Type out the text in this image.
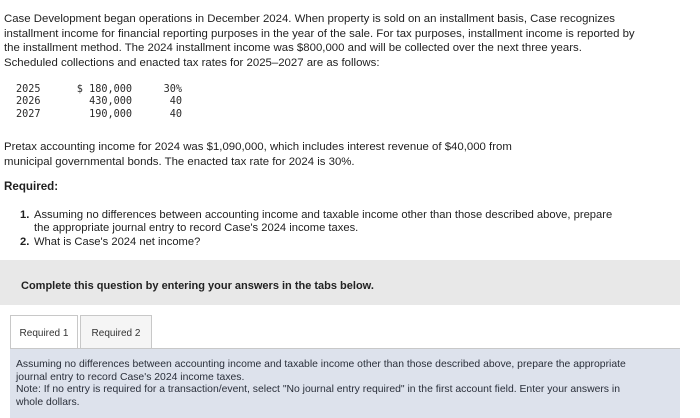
Case Development began operations in December 2024. When property is sold on an installment basis, Case recognizes
installment income for financial reporting purposes in the year of the sale. For tax purposes, installment income is reported by
the installment method. The 2024 installment income was $800,000 and will be collected over the next three years.
Scheduled collections and enacted tax rates for 2025–2027 are as follows:
2025	$ 180,000	30%
2026	430,000	40
2027	190,000	40
Pretax accounting income for 2024 was $1,090,000, which includes interest revenue of $40,000 from
municipal governmental bonds. The enacted tax rate for 2024 is 30%.
Required:
1. Assuming no differences between accounting income and taxable income other than those described above, prepare
the appropriate journal entry to record Case's 2024 income taxes.
2. What is Case's 2024 net income?
Complete this question by entering your answers in the tabs below.
Required 1	Required 2
Assuming no differences between accounting income and taxable income other than those described above, prepare the appropriate
journal entry to record Case's 2024 income taxes.
Note: If no entry is required for a transaction/event, select "No journal entry required" in the first account field. Enter your answers in
whole dollars.
